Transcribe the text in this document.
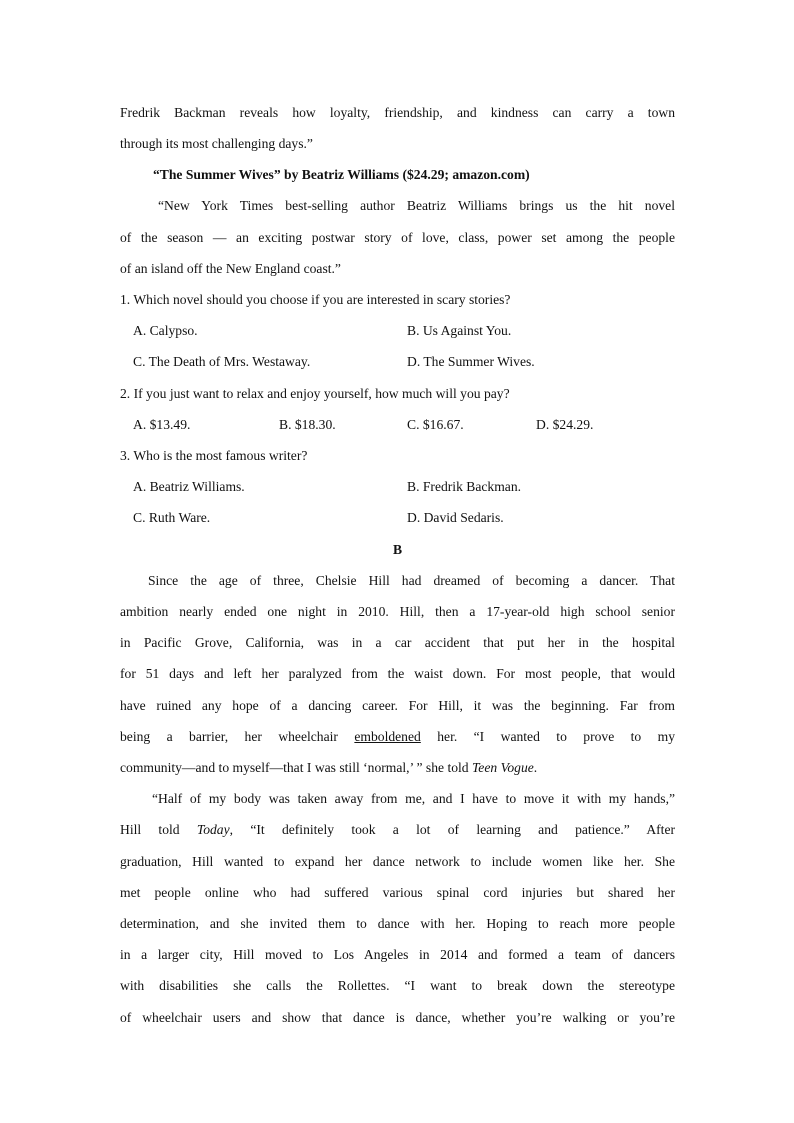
Fredrik Backman reveals how loyalty, friendship, and kindness can carry a town

through its most challenging days.”

“The Summer Wives” by Beatriz Williams ($24.29; amazon.com)

“New York Times best-selling author Beatriz Williams brings us the hit novel

of the season — an exciting postwar story of love, class, power set among the people

of an island off the New England coast.”

1. Which novel should you choose if you are interested in scary stories?

A. Calypso.	B. Us Against You.
C. The Death of Mrs. Westaway.	D. The Summer Wives.

2. If you just want to relax and enjoy yourself, how much will you pay?

A. $13.49.	B. $18.30.	C. $16.67.	D. $24.29.

3. Who is the most famous writer?

A. Beatriz Williams.	B. Fredrik Backman.
C. Ruth Ware.	D. David Sedaris.

B

Since the age of three, Chelsie Hill had dreamed of becoming a dancer. That

ambition nearly ended one night in 2010. Hill, then a 17-year-old high school senior

in Pacific Grove, California, was in a car accident that put her in the hospital

for 51 days and left her paralyzed from the waist down. For most people, that would

have ruined any hope of a dancing career. For Hill, it was the beginning. Far from

being a barrier, her wheelchair emboldened her. “I wanted to prove to my

community—and to myself—that I was still ‘normal,’ ” she told Teen Vogue.

“Half of my body was taken away from me, and I have to move it with my hands,”

Hill told Today, “It definitely took a lot of learning and patience.” After

graduation, Hill wanted to expand her dance network to include women like her. She

met people online who had suffered various spinal cord injuries but shared her

determination, and she invited them to dance with her. Hoping to reach more people

in a larger city, Hill moved to Los Angeles in 2014 and formed a team of dancers

with disabilities she calls the Rollettes. “I want to break down the stereotype

of wheelchair users and show that dance is dance, whether you’re walking or you’re
